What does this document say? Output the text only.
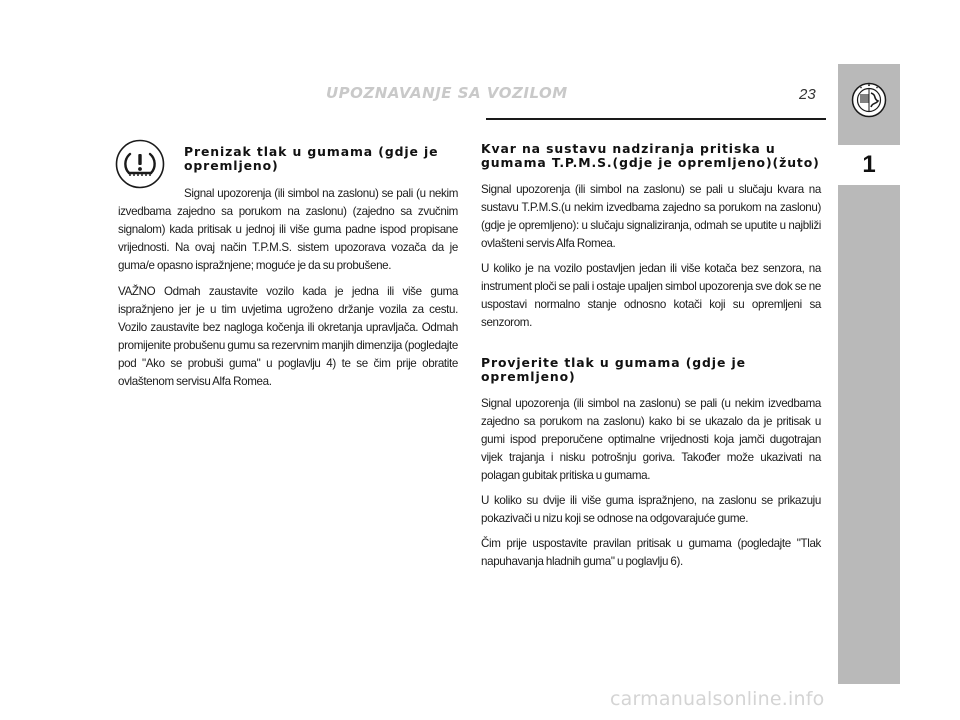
UPOZNAVANJE SA VOZILOM	23
1
Prenizak tlak u gumama (gdje je opremljeno)

Signal upozorenja (ili simbol na zaslonu) se pali (u nekim izvedbama zajedno sa porukom na zaslonu) (zajedno sa zvučnim signalom) kada pritisak u jednoj ili više guma padne ispod propisane vrijednosti. Na ovaj način T.P.M.S. sistem upozorava vozača da je guma/e opasno ispražnjene; moguće je da su probušene.

VAŽNO Odmah zaustavite vozilo kada je jedna ili više guma ispražnjeno jer je u tim uvjetima ugroženo držanje vozila za cestu. Vozilo zaustavite bez nagloga kočenja ili okretanja upravljača. Odmah promijenite probušenu gumu sa rezervnim manjih dimenzija (pogledajte pod "Ako se probuši guma" u poglavlju 4) te se čim prije obratite ovlaštenom servisu Alfa Romea.

Kvar na sustavu nadziranja pritiska u gumama T.P.M.S.(gdje je opremljeno)(žuto)

Signal upozorenja (ili simbol na zaslonu) se pali u slučaju kvara na sustavu T.P.M.S.(u nekim izvedbama zajedno sa porukom na zaslonu) (gdje je opremljeno): u slučaju signaliziranja, odmah se uputite u najbliži ovlašteni servis Alfa Romea.

U koliko je na vozilo postavljen jedan ili više kotača bez senzora, na instrument ploči se pali i ostaje upaljen simbol upozorenja sve dok se ne uspostavi normalno stanje odnosno kotači koji su opremljeni sa senzorom.

Provjerite tlak u gumama (gdje je opremljeno)

Signal upozorenja (ili simbol na zaslonu) se pali (u nekim izvedbama zajedno sa porukom na zaslonu) kako bi se ukazalo da je pritisak u gumi ispod preporučene optimalne vrijednosti koja jamči dugotrajan vijek trajanja i nisku potrošnju goriva. Također može ukazivati na polagan gubitak pritiska u gumama.

U koliko su dvije ili više guma ispražnjeno, na zaslonu se prikazuju pokazivači u nizu koji se odnose na odgovarajuće gume.

Čim prije uspostavite pravilan pritisak u gumama (pogledajte "Tlak napuhavanja hladnih guma" u poglavlju 6).

carmanualsonline.info
